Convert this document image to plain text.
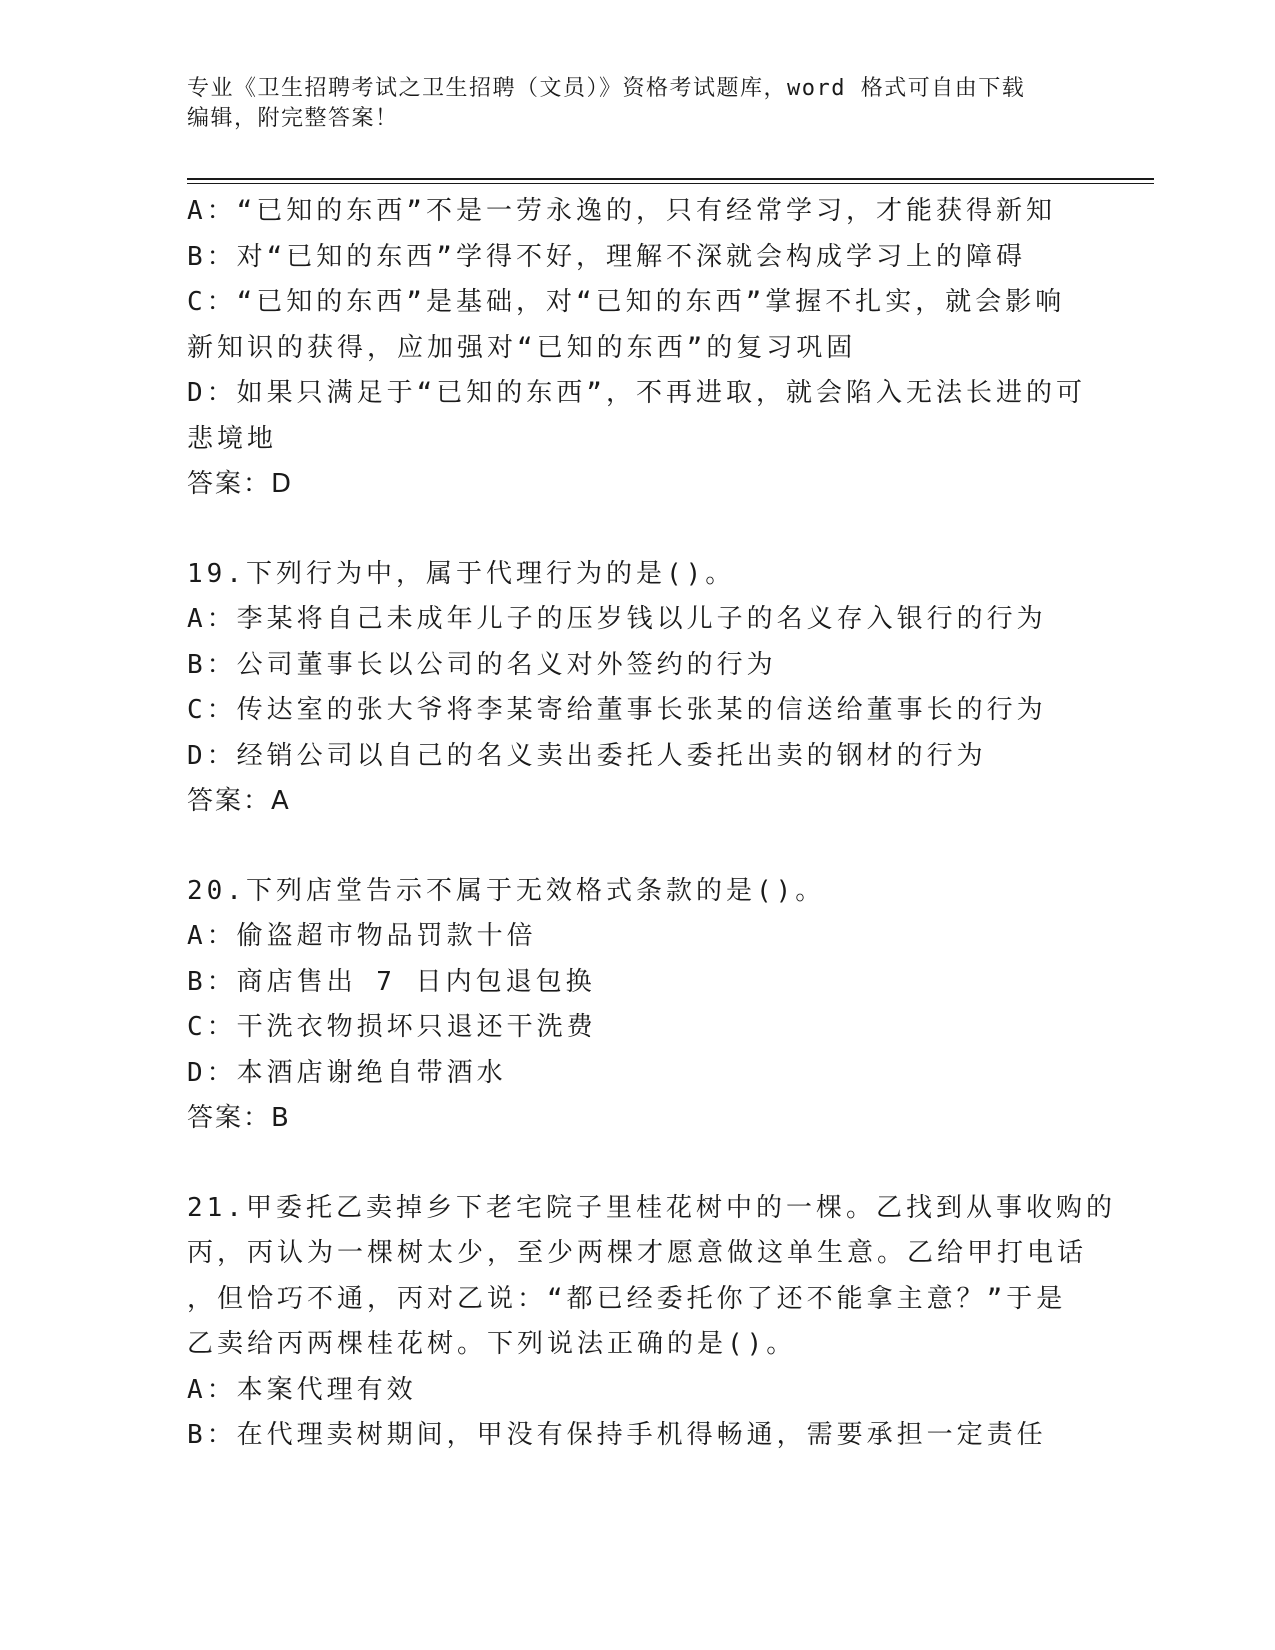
专业《卫生招聘考试之卫生招聘（文员）》资格考试题库，word 格式可自由下载
编辑，附完整答案！
A：“已知的东西”不是一劳永逸的，只有经常学习，才能获得新知
B：对“已知的东西”学得不好，理解不深就会构成学习上的障碍
C：“已知的东西”是基础，对“已知的东西”掌握不扎实，就会影响
新知识的获得，应加强对“已知的东西”的复习巩固
D：如果只满足于“已知的东西”，不再进取，就会陷入无法长进的可
悲境地
答案：D
19.下列行为中，属于代理行为的是()。
A：李某将自己未成年儿子的压岁钱以儿子的名义存入银行的行为
B：公司董事长以公司的名义对外签约的行为
C：传达室的张大爷将李某寄给董事长张某的信送给董事长的行为
D：经销公司以自己的名义卖出委托人委托出卖的钢材的行为
答案：A
20.下列店堂告示不属于无效格式条款的是()。
A：偷盗超市物品罚款十倍
B：商店售出 7 日内包退包换
C：干洗衣物损坏只退还干洗费
D：本酒店谢绝自带酒水
答案：B
21.甲委托乙卖掉乡下老宅院子里桂花树中的一棵。乙找到从事收购的
丙，丙认为一棵树太少，至少两棵才愿意做这单生意。乙给甲打电话
，但恰巧不通，丙对乙说：“都已经委托你了还不能拿主意？”于是
乙卖给丙两棵桂花树。下列说法正确的是()。
A：本案代理有效
B：在代理卖树期间，甲没有保持手机得畅通，需要承担一定责任
